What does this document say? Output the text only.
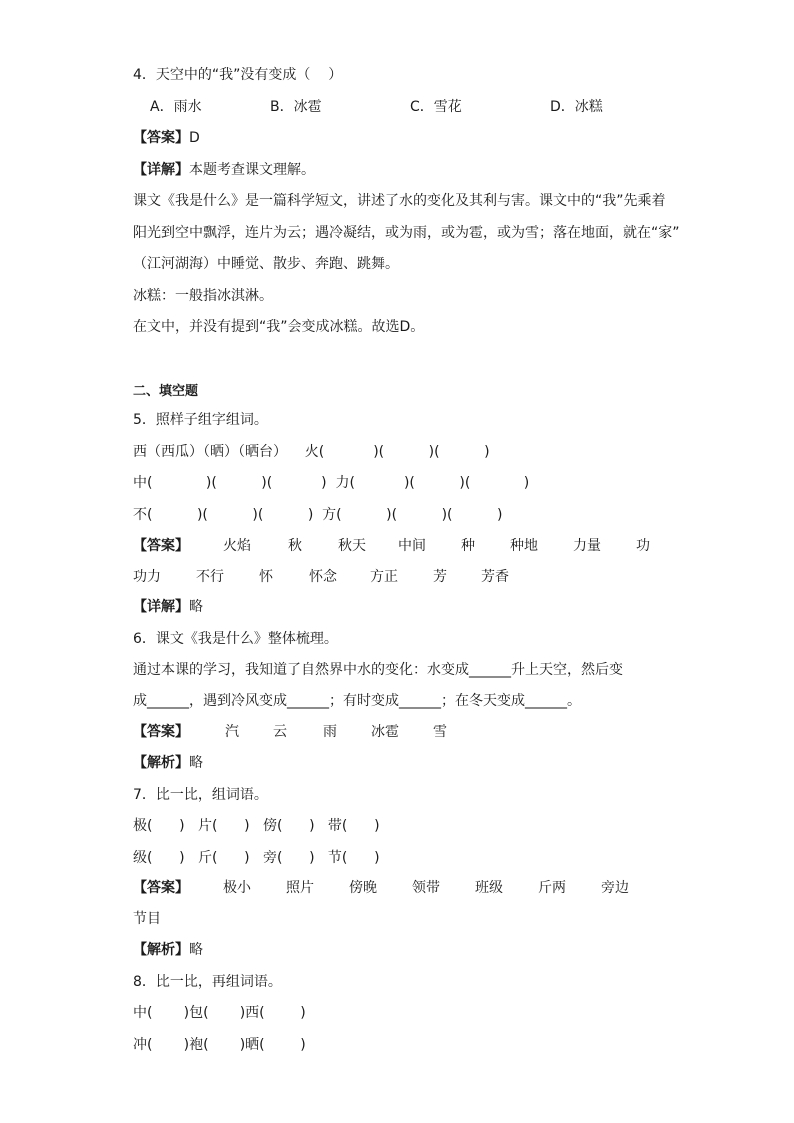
4．天空中的“我”没有变成（    ）
A．雨水	B．冰雹	C．雪花	D．冰糕
【答案】D
【详解】本题考查课文理解。
课文《我是什么》是一篇科学短文，讲述了水的变化及其利与害。课文中的“我”先乘着
阳光到空中飘浮，连片为云；遇冷凝结，或为雨，或为雹，或为雪；落在地面，就在“家”
（江河湖海）中睡觉、散步、奔跑、跳舞。
冰糕：一般指冰淇淋。
在文中，并没有提到“我”会变成冰糕。故选D。
二、填空题
5．照样子组字组词。
西（西瓜）（晒）（晒台）    火(           )(          )(          )
中(            )(          )(           )  力(           )(          )(            )
不(          )(          )(          )  方(          )(          )(          )

【答案】

火焰

	秋

	秋天

中间

	种

	种地

	力量

	功

功力

	不行

	怀

	怀念

方正

	芳

芳香

【详解】略
6．课文《我是什么》整体梳理。
通过本课的学习，我知道了自然界中水的变化：水变成______升上天空，然后变
成______，遇到冷风变成______；有时变成______；在冬天变成______。

【答案】

	汽

云

	雨

冰雹

雪

【解析】略
7．比一比，组词语。
极(      )   片(      )   傍(      )   带(      )
级(      )   斤(      )   旁(      )   节(      )

【答案】

极小

	照片

	傍晚

	领带

	班级

	斤两

	旁边

节目
【解析】略
8．比一比，再组词语。
中(       )包(       )西(        )
冲(       )袍(       )晒(        )
